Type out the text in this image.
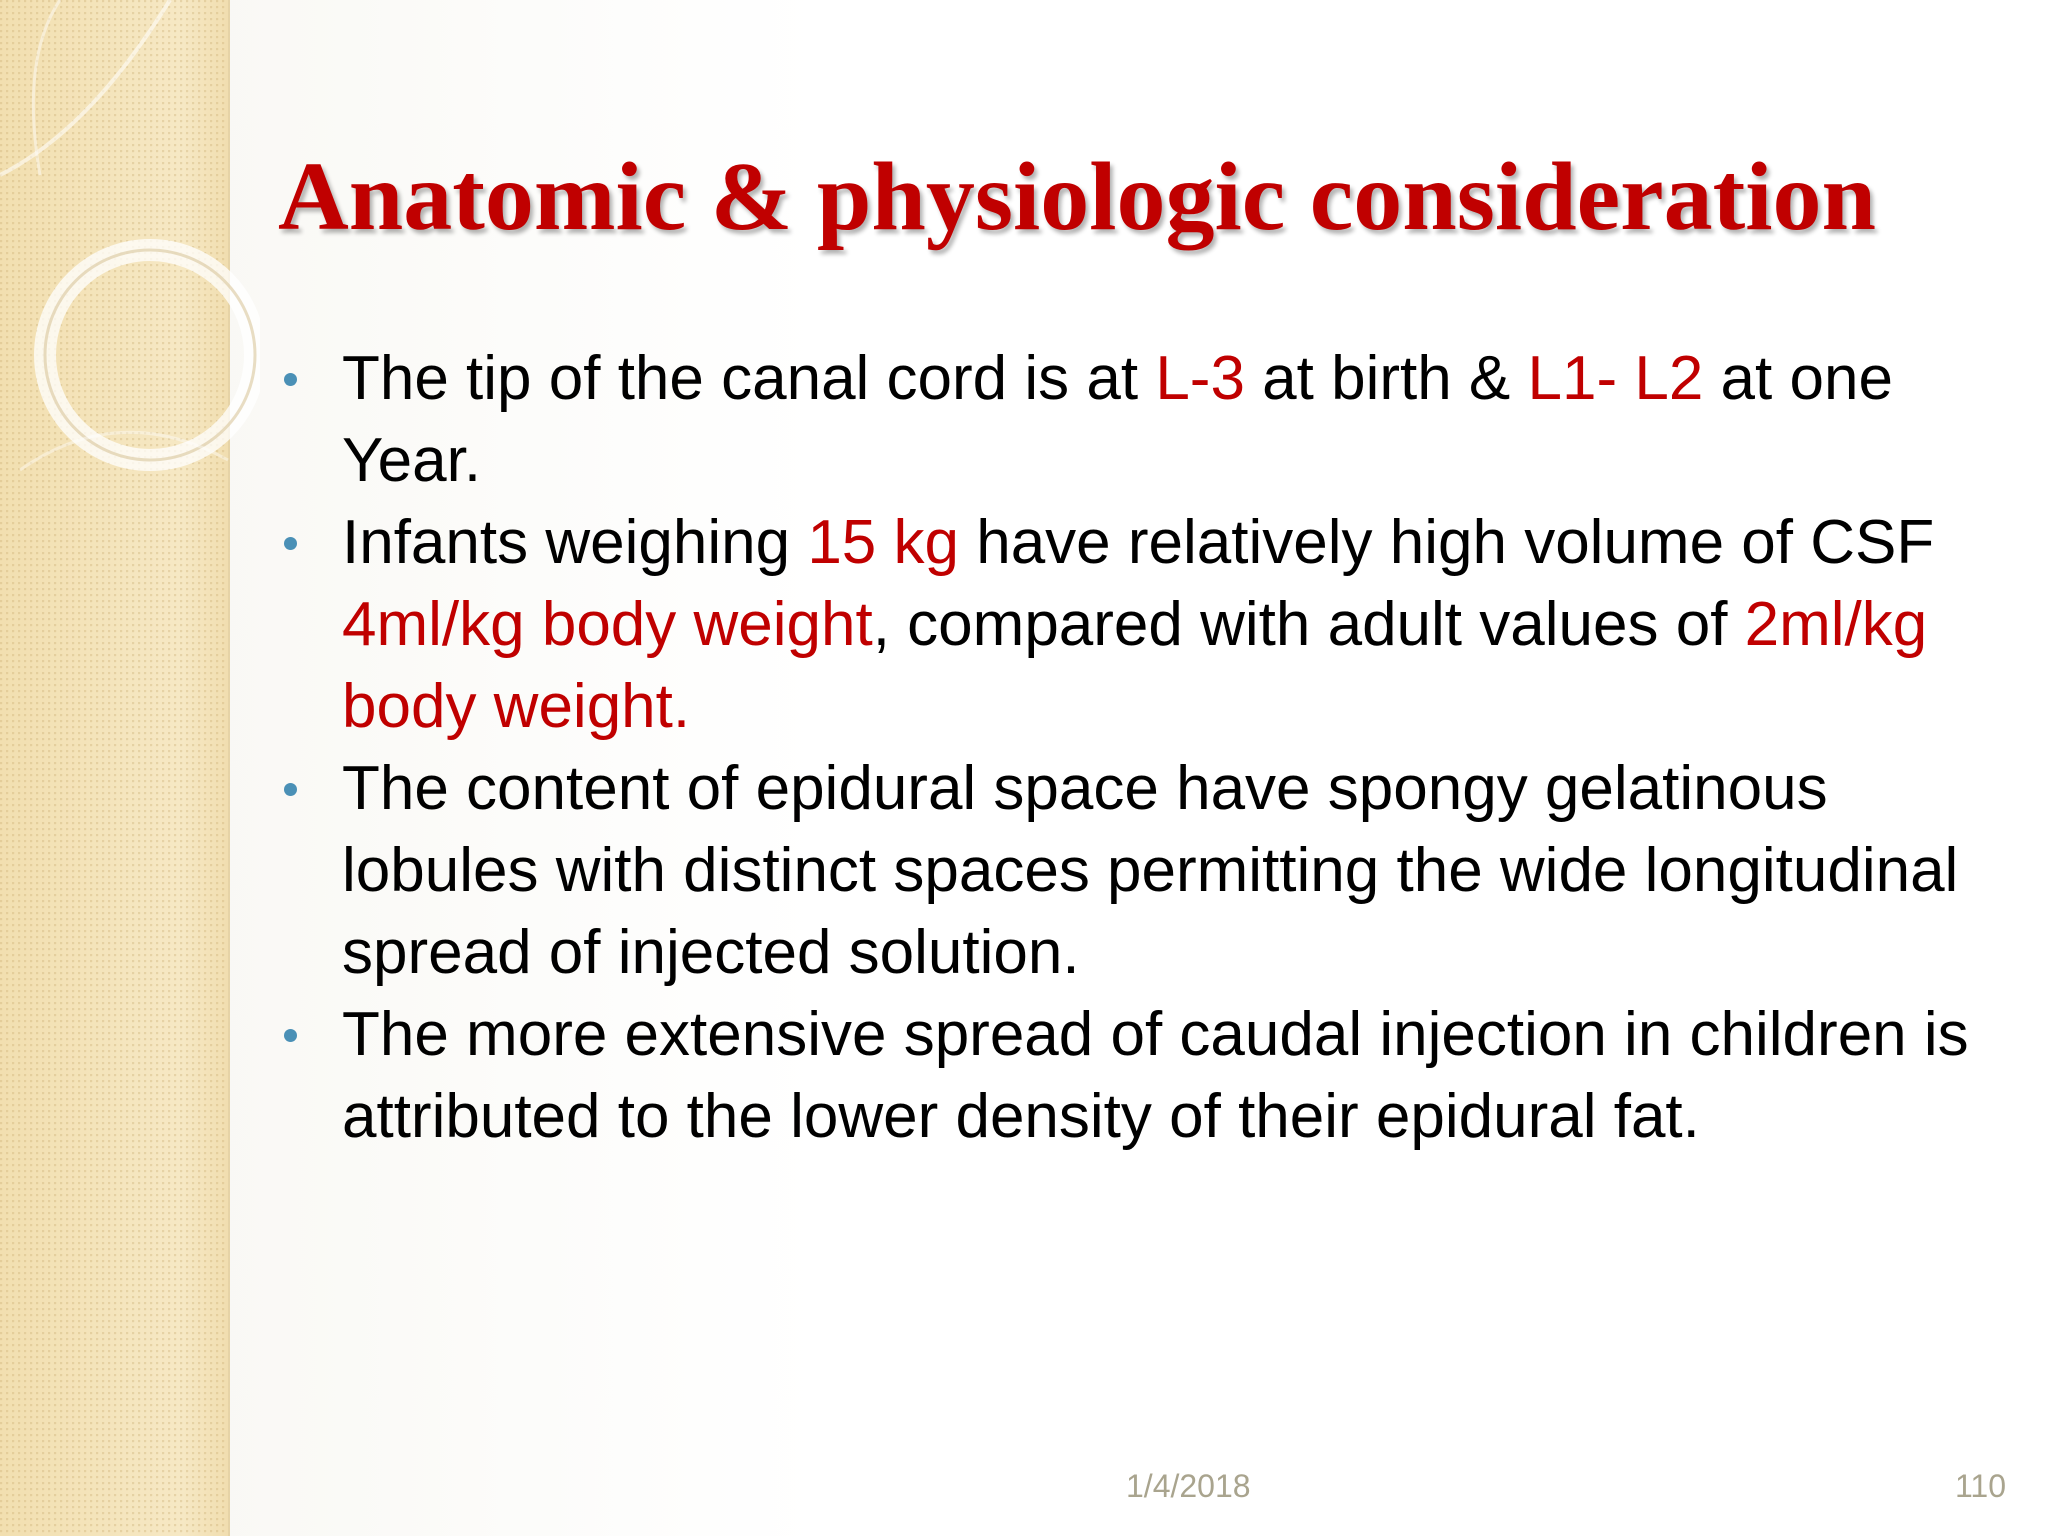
Anatomic & physiologic consideration
The tip of the canal cord is at L-3 at birth & L1- L2 at one Year.
Infants weighing 15 kg have relatively high volume of CSF 4ml/kg body weight, compared with adult values of 2ml/kg body weight.
The content of epidural space have spongy gelatinous lobules with distinct spaces permitting the wide longitudinal spread of injected solution.
The more extensive spread of caudal injection in children is attributed to the lower density of their epidural fat.
1/4/2018	110
